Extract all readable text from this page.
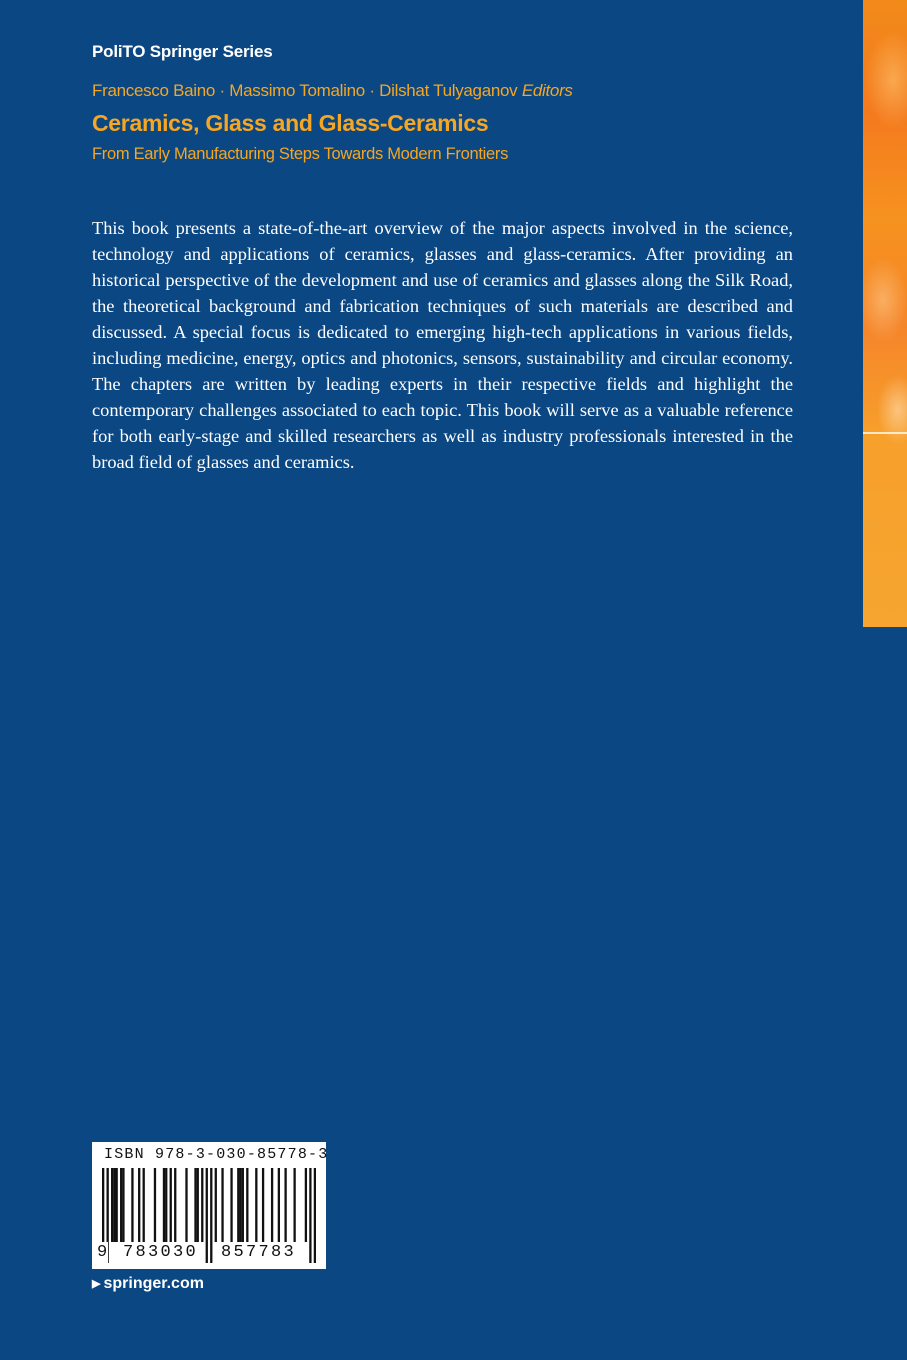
PoliTO Springer Series
Francesco Baino · Massimo Tomalino · Dilshat Tulyaganov Editors
Ceramics, Glass and Glass-Ceramics
From Early Manufacturing Steps Towards Modern Frontiers

This book presents a state-of-the-art overview of the major aspects involved in the science, technology and applications of ceramics, glasses and glass-ceramics. After providing an historical perspective of the development and use of ceramics and glasses along the Silk Road, the theoretical background and fabrication techniques of such materials are described and discussed. A special focus is dedicated to emerging high-tech applications in various fields, including medicine, energy, optics and photonics, sensors, sustainability and circular economy. The chapters are written by leading experts in their respective fields and highlight the contemporary challenges associated to each topic. This book will serve as a valuable reference for both early-stage and skilled researchers as well as industry professionals interested in the broad field of glasses and ceramics.

ISBN 978-3-030-85778-3
9 783030 857783
▶ springer.com
